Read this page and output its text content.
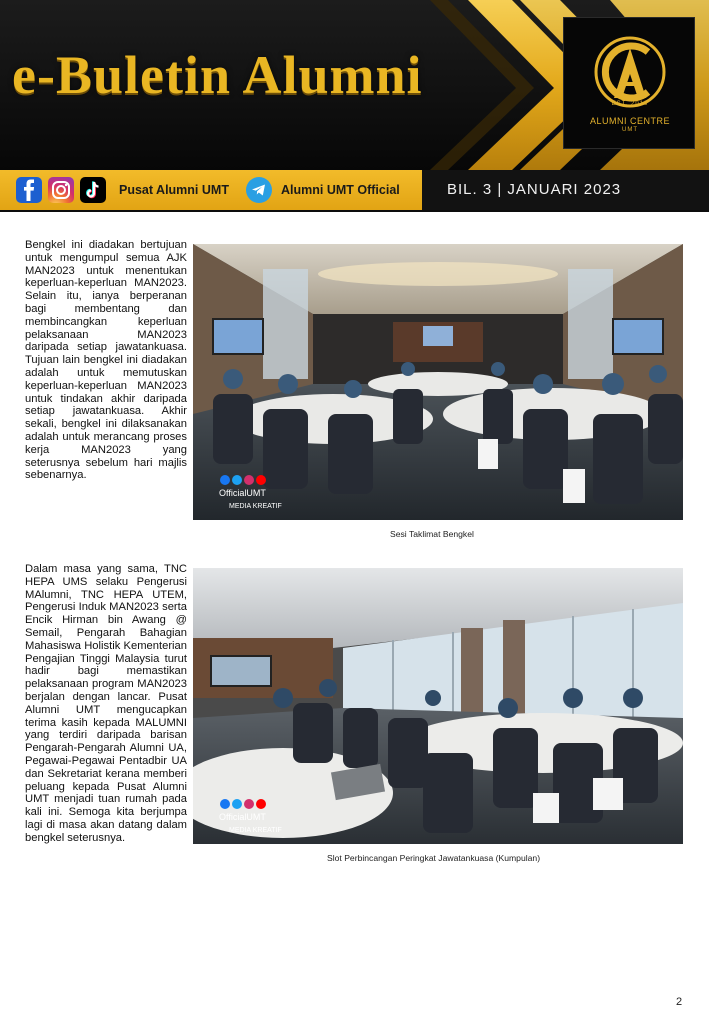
e-Buletin Alumni	EST. 2019
ALUMNI CENTRE
UMT
Pusat Alumni UMT	Alumni UMT Official	BIL. 3 | JANUARI 2023

Bengkel ini diadakan bertujuan untuk mengumpul semua AJK MAN2023 untuk menentukan keperluan-keperluan MAN2023. Selain itu, ianya berperanan bagi membentang dan membincangkan keperluan pelaksanaan MAN2023 daripada setiap jawatankuasa. Tujuan lain bengkel ini diadakan adalah untuk memutuskan keperluan-keperluan MAN2023 untuk tindakan akhir daripada setiap jawatankuasa. Akhir sekali, bengkel ini dilaksanakan adalah untuk merancang proses kerja MAN2023 yang seterusnya sebelum hari majlis sebenarnya.

Dalam masa yang sama, TNC HEPA UMS selaku Pengerusi MAlumni, TNC HEPA UTEM, Pengerusi Induk MAN2023 serta Encik Hirman bin Awang @ Semail, Pengarah Bahagian Mahasiswa Holistik Kementerian Pengajian Tinggi Malaysia turut hadir bagi memastikan pelaksanaan program MAN2023 berjalan dengan lancar. Pusat Alumni UMT mengucapkan terima kasih kepada MALUMNI yang terdiri daripada barisan Pengarah-Pengarah Alumni UA, Pegawai-Pegawai Pentadbir UA dan Sekretariat kerana memberi peluang kepada Pusat Alumni UMT menjadi tuan rumah pada kali ini. Semoga kita berjumpa lagi di masa akan datang dalam bengkel seterusnya.

OfficialUMT
MEDIA KREATIF
Sesi Taklimat Bengkel
OfficialUMT
MEDIA KREATIF
Slot Perbincangan Peringkat Jawatankuasa (Kumpulan)
2
